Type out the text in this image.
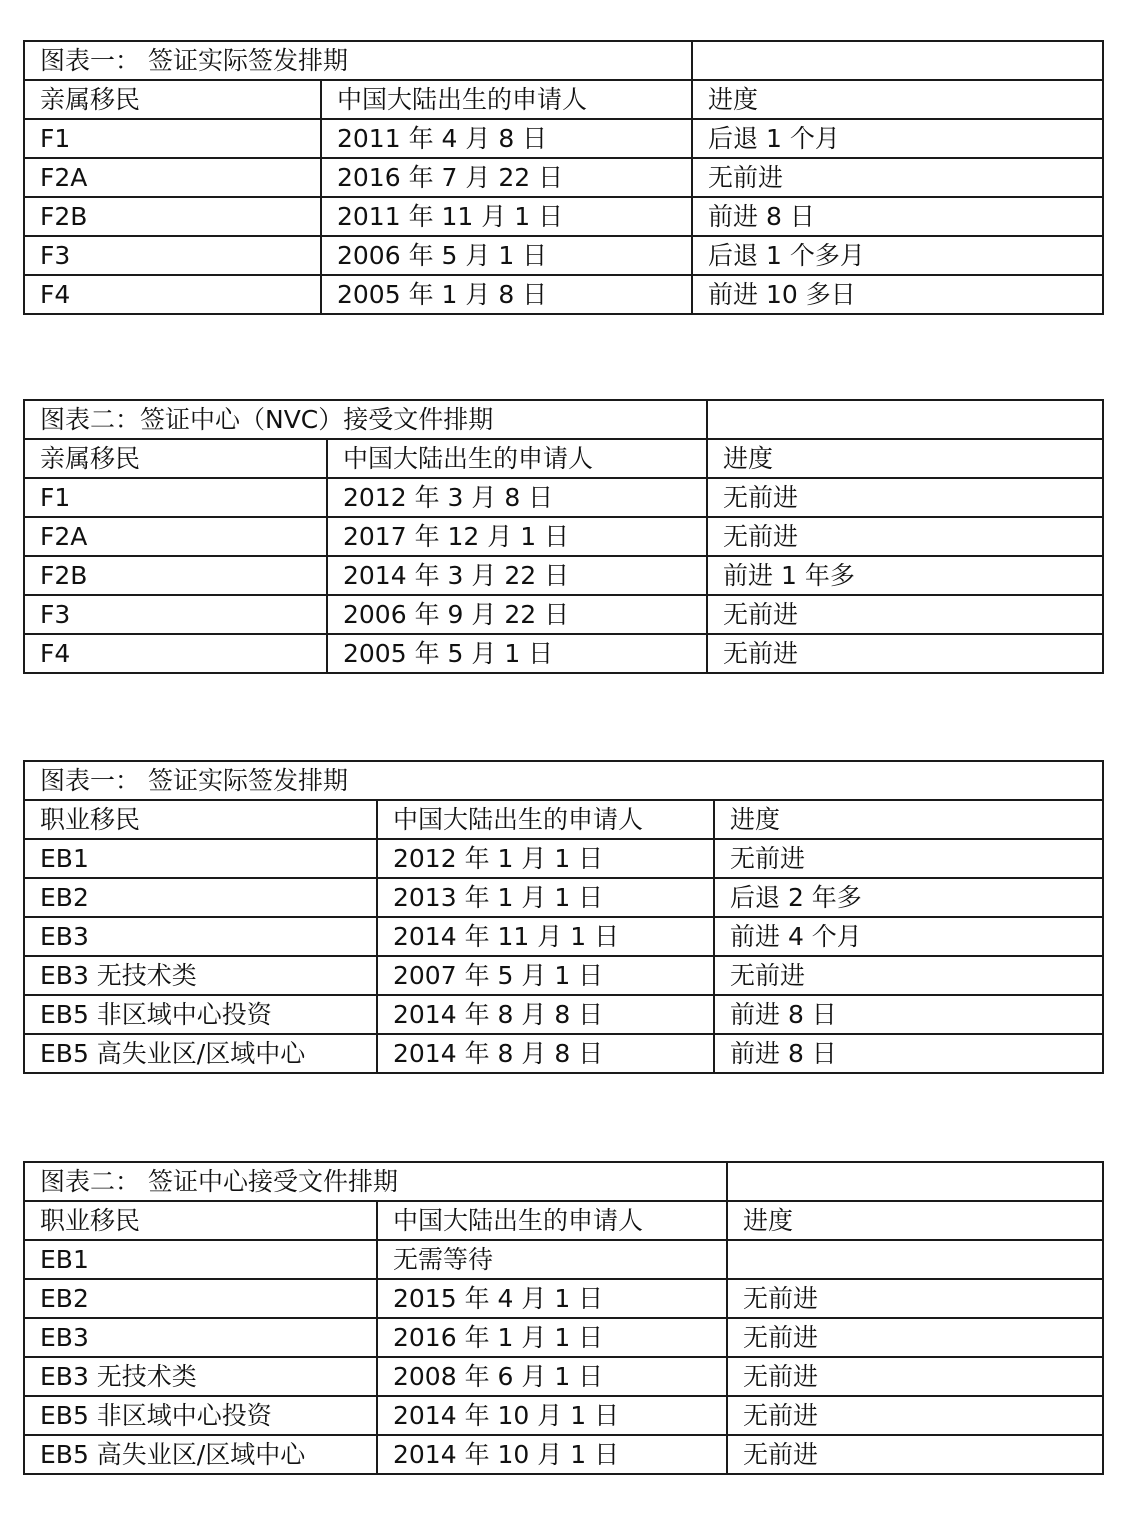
图表一： 签证实际签发排期		
亲属移民	中国大陆出生的申请人	进度
F1	2011 年 4 月 8 日	后退 1 个月
F2A	2016 年 7 月 22 日	无前进
F2B	2011 年 11 月 1 日	前进 8 日
F3	2006 年 5 月 1 日	后退 1 个多月
F4	2005 年 1 月 8 日	前进 10 多日
图表二：签证中心（NVC）接受文件排期		
亲属移民	中国大陆出生的申请人	进度
F1	2012 年 3 月 8 日	无前进
F2A	2017 年 12 月 1 日	无前进
F2B	2014 年 3 月 22 日	前进 1 年多
F3	2006 年 9 月 22 日	无前进
F4	2005 年 5 月 1 日	无前进
图表一： 签证实际签发排期		
职业移民	中国大陆出生的申请人	进度
EB1	2012 年 1 月 1 日	无前进
EB2	2013 年 1 月 1 日	后退 2 年多
EB3	2014 年 11 月 1 日	前进 4 个月
EB3 无技术类	2007 年 5 月 1 日	无前进
EB5 非区域中心投资	2014 年 8 月 8 日	前进 8 日
EB5 高失业区/区域中心	2014 年 8 月 8 日	前进 8 日
图表二： 签证中心接受文件排期		
职业移民	中国大陆出生的申请人	进度
EB1	无需等待	
EB2	2015 年 4 月 1 日	无前进
EB3	2016 年 1 月 1 日	无前进
EB3 无技术类	2008 年 6 月 1 日	无前进
EB5 非区域中心投资	2014 年 10 月 1 日	无前进
EB5 高失业区/区域中心	2014 年 10 月 1 日	无前进
